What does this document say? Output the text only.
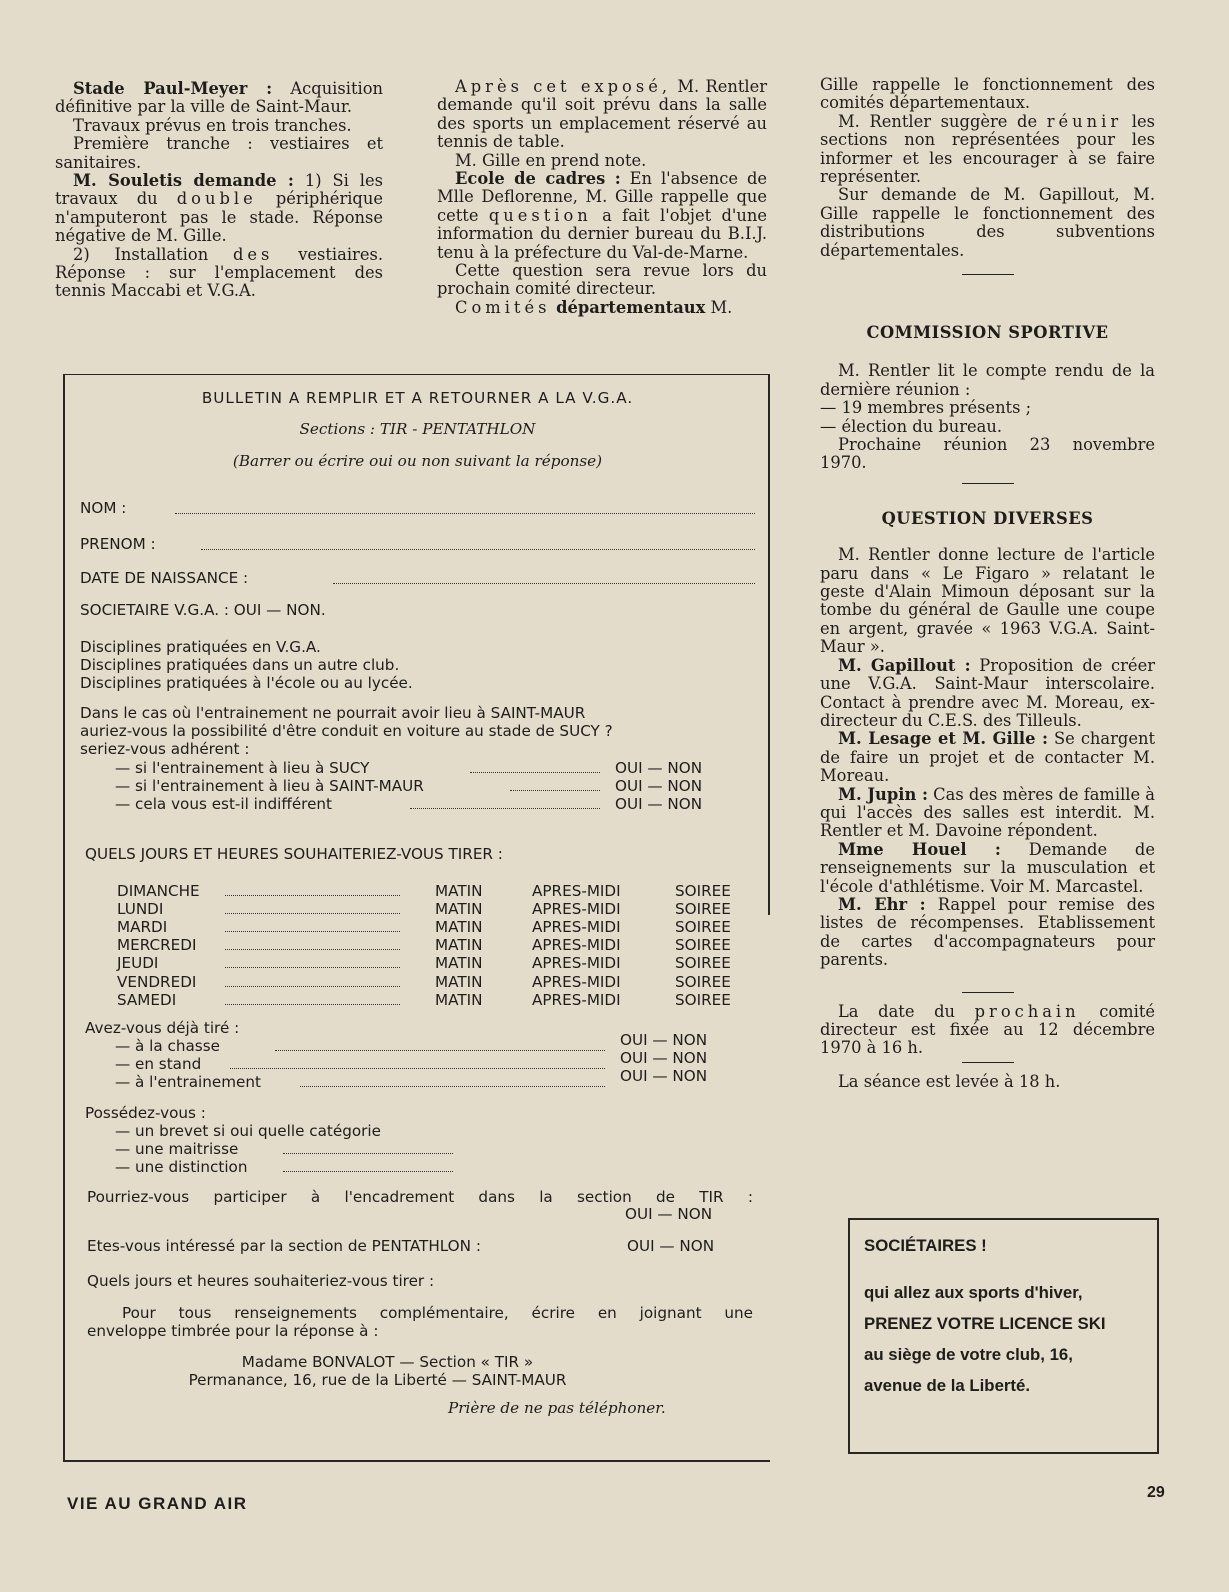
Stade Paul-Meyer : Acquisition définitive par la ville de Saint-Maur.

Travaux prévus en trois tranches.

Première tranche : vestiaires et sanitaires.

M. Souletis demande : 1) Si les travaux du double périphérique n'amputeront pas le stade. Réponse négative de M. Gille.

2) Installation des vestiaires. Réponse : sur l'emplacement des tennis Maccabi et V.G.A.

Après cet exposé, M. Rentler demande qu'il soit prévu dans la salle des sports un emplacement réservé au tennis de table.

M. Gille en prend note.

Ecole de cadres : En l'absence de Mlle Deflorenne, M. Gille rappelle que cette question a fait l'objet d'une information du dernier bureau du B.I.J. tenu à la préfecture du Val-de-Marne.

Cette question sera revue lors du prochain comité directeur.

Comités départementaux M.

Gille rappelle le fonctionnement des comités départementaux.

M. Rentler suggère de réunir les sections non représentées pour les informer et les encourager à se faire représenter.

Sur demande de M. Gapillout, M. Gille rappelle le fonctionnement des distributions des subventions départementales.

COMMISSION SPORTIVE

M. Rentler lit le compte rendu de la dernière réunion :

— 19 membres présents ;

— élection du bureau.

Prochaine réunion 23 novembre 1970.

QUESTION DIVERSES

M. Rentler donne lecture de l'article paru dans « Le Figaro » relatant le geste d'Alain Mimoun déposant sur la tombe du général de Gaulle une coupe en argent, gravée « 1963 V.G.A. Saint-Maur ».

M. Gapillout : Proposition de créer une V.G.A. Saint-Maur interscolaire. Contact à prendre avec M. Moreau, ex-directeur du C.E.S. des Tilleuls.

M. Lesage et M. Gille : Se chargent de faire un projet et de contacter M. Moreau.

M. Jupin : Cas des mères de famille à qui l'accès des salles est interdit. M. Rentler et M. Davoine répondent.

Mme Houel : Demande de renseignements sur la musculation et l'école d'athlétisme. Voir M. Marcastel.

M. Ehr : Rappel pour remise des listes de récompenses. Etablissement de cartes d'accompagnateurs pour parents.

La date du prochain comité directeur est fixée au 12 décembre 1970 à 16 h.

La séance est levée à 18 h.

BULLETIN A REMPLIR ET A RETOURNER A LA V.G.A.
Sections : TIR - PENTATHLON
(Barrer ou écrire oui ou non suivant la réponse)
NOM :
PRENOM :
DATE DE NAISSANCE :
SOCIETAIRE V.G.A. : OUI — NON.
Disciplines pratiquées en V.G.A.
Disciplines pratiquées dans un autre club.
Disciplines pratiquées à l'école ou au lycée.
Dans le cas où l'entrainement ne pourrait avoir lieu à SAINT-MAUR
auriez-vous la possibilité d'être conduit en voiture au stade de SUCY ?
seriez-vous adhérent :
— si l'entrainement à lieu à SUCY	OUI — NON
— si l'entrainement à lieu à SAINT-MAUR	OUI — NON
— cela vous est-il indifférent	OUI — NON
QUELS JOURS ET HEURES SOUHAITERIEZ-VOUS TIRER :
DIMANCHE	MATIN	APRES-MIDI	SOIREE
LUNDI	MATIN	APRES-MIDI	SOIREE
MARDI	MATIN	APRES-MIDI	SOIREE
MERCREDI	MATIN	APRES-MIDI	SOIREE
JEUDI	MATIN	APRES-MIDI	SOIREE
VENDREDI	MATIN	APRES-MIDI	SOIREE
SAMEDI	MATIN	APRES-MIDI	SOIREE
Avez-vous déjà tiré :
— à la chasse	OUI — NON
— en stand	OUI — NON
— à l'entrainement	OUI — NON
Possédez-vous :
— un brevet si oui quelle catégorie
— une maitrisse
— une distinction
Pourriez-vous participer à l'encadrement dans la section de TIR :
OUI — NON
Etes-vous intéressé par la section de PENTATHLON :	OUI — NON
Quels jours et heures souhaiteriez-vous tirer :
Pour tous renseignements complémentaire, écrire en joignant une
enveloppe timbrée pour la réponse à :
Madame BONVALOT — Section « TIR »
Permanance, 16, rue de la Liberté — SAINT-MAUR
Prière de ne pas téléphoner.
SOCIÉTAIRES !
qui allez aux sports d'hiver,
PRENEZ VOTRE LICENCE SKI
au siège de votre club, 16,
avenue de la Liberté.
VIE AU GRAND AIR
29
